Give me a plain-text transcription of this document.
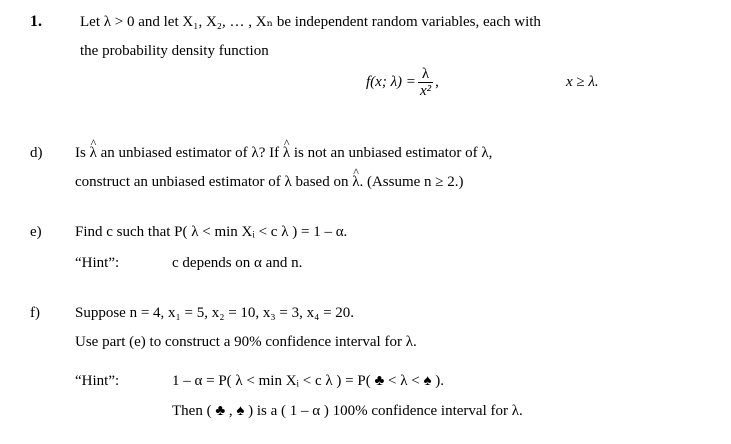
1.	Let λ > 0 and let X₁, X₂, … , Xₙ be independent random variables, each with
the probability density function
f(x; $\lambda) = \frac{\lambda}{\text{x²}}$ ,	x ≥ λ.
d) Is ^ λ an unbiased estimator of λ? If ^ λ is not an unbiased estimator of λ,
construct an unbiased estimator of λ based on ^ λ. (Assume n ≥ 2.)
e) Find c such that P( λ < min Xᵢ < c λ ) = 1 – α.
“Hint”:	c depends on α and n.
f) Suppose n = 4, x₁ = 5, x₂ = 10, x₃ = 3, x₄ = 20.
Use part (e) to construct a 90% confidence interval for λ.
“Hint”:	1 – α = P( λ < min Xᵢ < c λ ) = P( ♣ < λ < ♠ ).
Then ( ♣ , ♠ ) is a ( 1 – α ) 100% confidence interval for λ.
